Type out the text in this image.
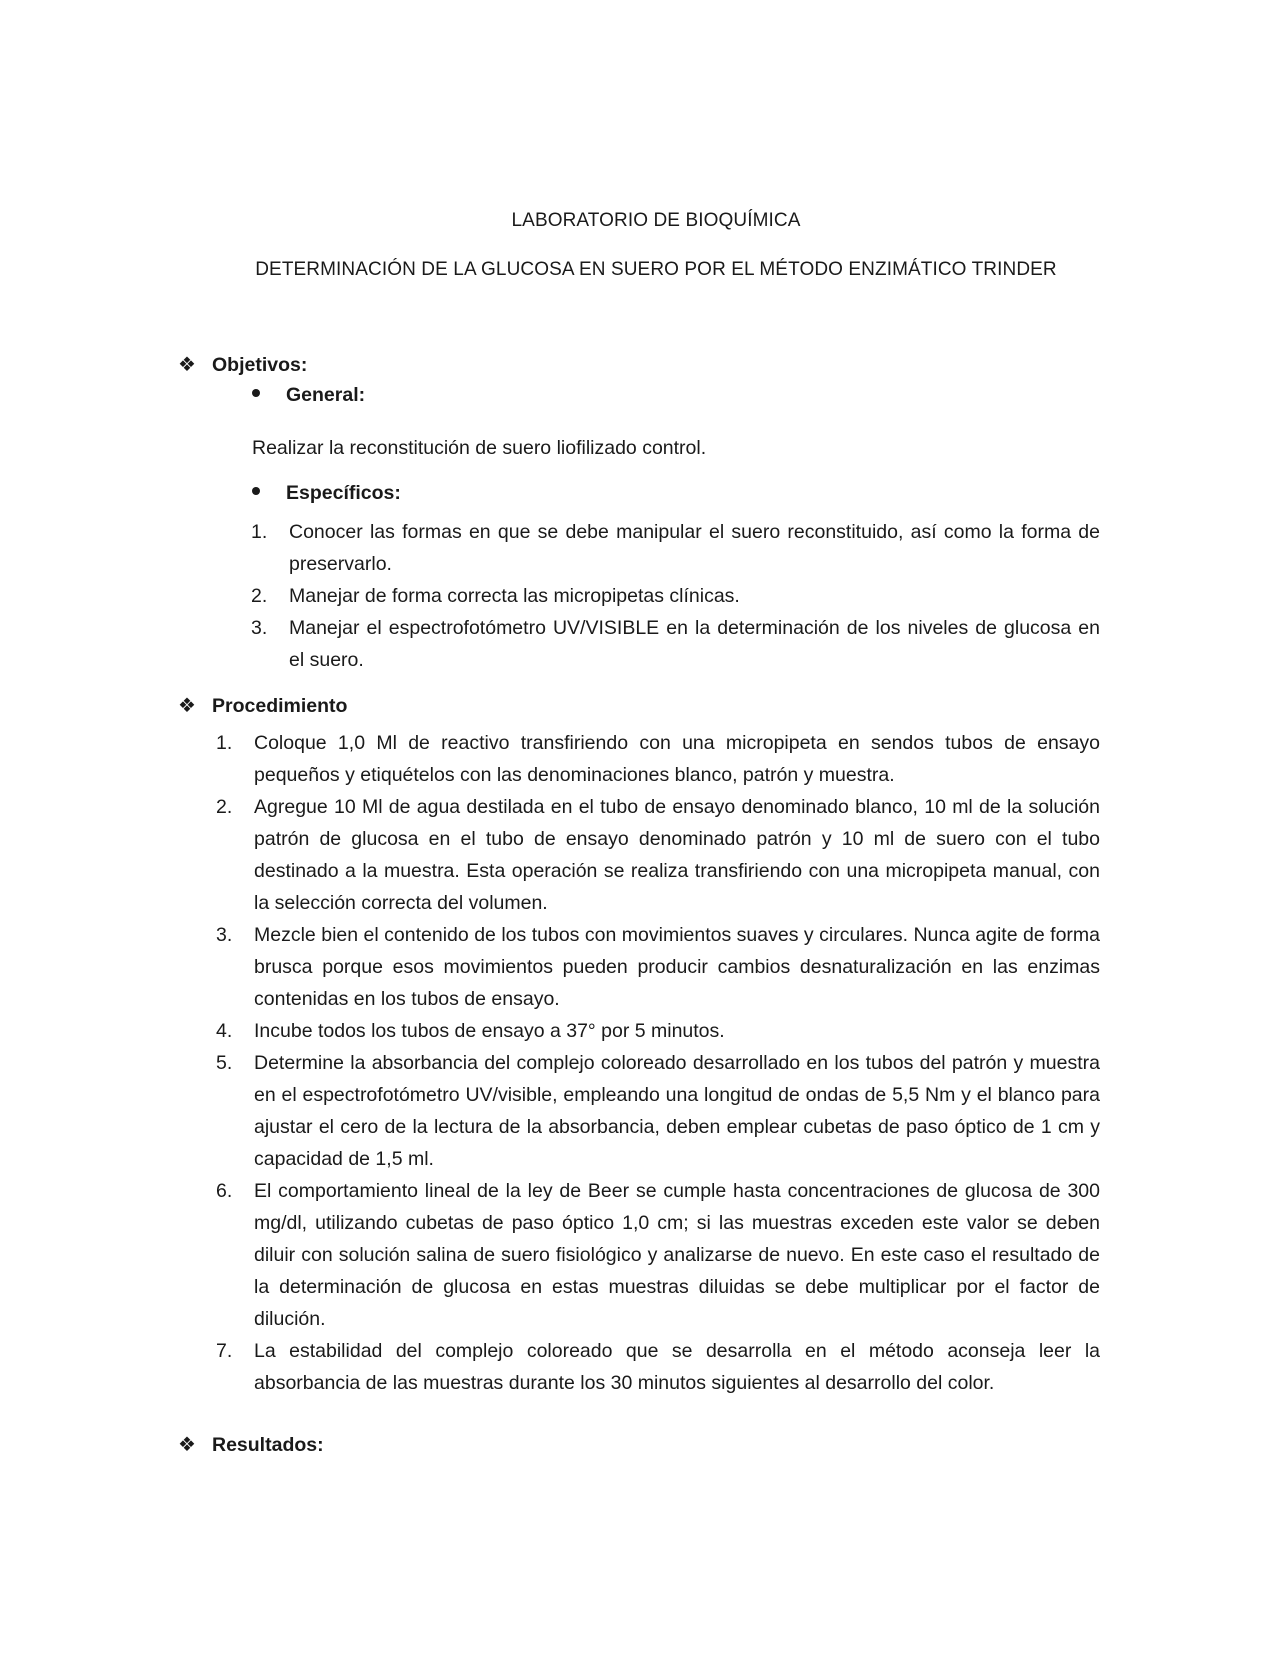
LABORATORIO DE BIOQUÍMICA
DETERMINACIÓN DE LA GLUCOSA EN SUERO POR EL MÉTODO ENZIMÁTICO TRINDER
❖ Objetivos:
General:
Realizar la reconstitución de suero liofilizado control.
Específicos:
1. Conocer las formas en que se debe manipular el suero reconstituido, así como la forma de preservarlo.
2. Manejar de forma correcta las micropipetas clínicas.
3. Manejar el espectrofotómetro UV/VISIBLE en la determinación de los niveles de glucosa en el suero.
❖ Procedimiento
1. Coloque 1,0 Ml de reactivo transfiriendo con una micropipeta en sendos tubos de ensayo pequeños y etiquételos con las denominaciones blanco, patrón y muestra.
2. Agregue 10 Ml de agua destilada en el tubo de ensayo denominado blanco, 10 ml de la solución patrón de glucosa en el tubo de ensayo denominado patrón y 10 ml de suero con el tubo destinado a la muestra. Esta operación se realiza transfiriendo con una micropipeta manual, con la selección correcta del volumen.
3. Mezcle bien el contenido de los tubos con movimientos suaves y circulares. Nunca agite de forma brusca porque esos movimientos pueden producir cambios desnaturalización en las enzimas contenidas en los tubos de ensayo.
4. Incube todos los tubos de ensayo a 37° por 5 minutos.
5. Determine la absorbancia del complejo coloreado desarrollado en los tubos del patrón y muestra en el espectrofotómetro UV/visible, empleando una longitud de ondas de 5,5 Nm y el blanco para ajustar el cero de la lectura de la absorbancia, deben emplear cubetas de paso óptico de 1 cm y capacidad de 1,5 ml.
6. El comportamiento lineal de la ley de Beer se cumple hasta concentraciones de glucosa de 300 mg/dl, utilizando cubetas de paso óptico 1,0 cm; si las muestras exceden este valor se deben diluir con solución salina de suero fisiológico y analizarse de nuevo. En este caso el resultado de la determinación de glucosa en estas muestras diluidas se debe multiplicar por el factor de dilución.
7. La estabilidad del complejo coloreado que se desarrolla en el método aconseja leer la absorbancia de las muestras durante los 30 minutos siguientes al desarrollo del color.
❖ Resultados:
